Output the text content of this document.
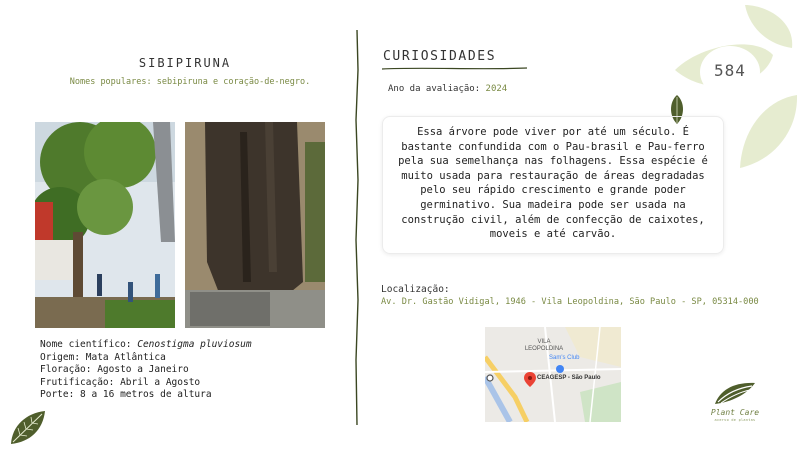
584
SIBIPIRUNA
Nomes populares: sebipiruna e coração-de-negro.
Nome científico: Cenostigma pluviosum
Origem: Mata Atlântica
Floração: Agosto a Janeiro
Frutificação: Abril a Agosto
Porte: 8 a 16 metros de altura
CURIOSIDADES
Ano da avaliação: 2024
Essa árvore pode viver por até um século. É bastante confundida com o Pau-brasil e Pau-ferro pela sua semelhança nas folhagens. Essa espécie é muito usada para restauração de áreas degradadas pelo seu rápido crescimento e grande poder germinativo. Sua madeira pode ser usada na construção civil, além de confecção de caixotes, moveis e até carvão.
Localização:
Av. Dr. Gastão Vidigal, 1946 - Vila Leopoldina, São Paulo - SP, 05314-000
VILA LEOPOLDINA
Sam's Club
CEAGESP - São Paulo
Plant Care
acervo de plantas
